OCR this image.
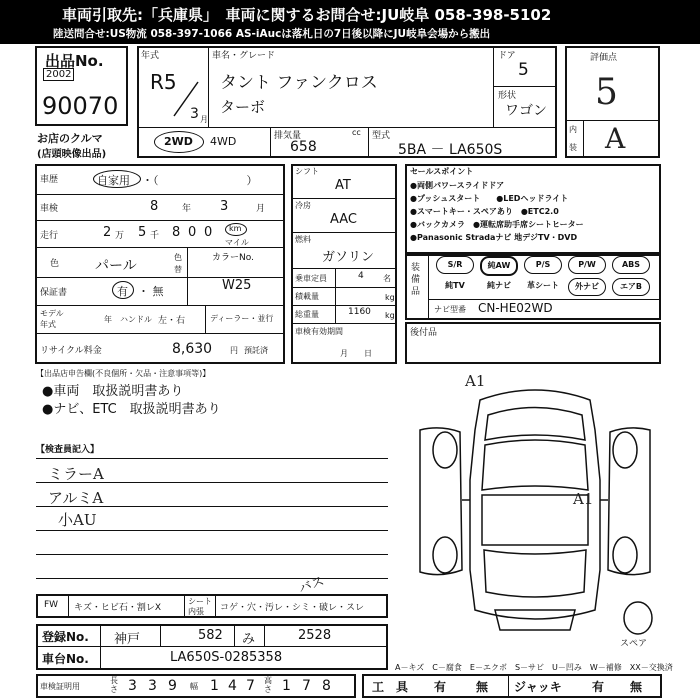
車両引取先:「兵庫県」　車両に関するお問合せ:JU岐阜 058-398-5102
陸送問合せ:US物流 058-397-1066 AS-iAucは落札日の7日後以降にJU岐阜会場から搬出
出品No.
2002
90070
お店のクルマ
(店頭映像出品)
年式
R5
3 月
車名・グレード
タント ファンクロス
ターボ
ドア
5
形状
ワゴン
2WD 4WD	排気量	cc
658
型式
5BA － LA650S
評価点
5
内
装 A
車歴	自家用 ・（　　　　　　　　）
車検	8	年 3	月
走行	2 万 5 千 8 0 0 km
マイル
色	パール
色
替
カラーNo.
W25
保証書	有 ・ 無
モデル
年式
年 ハンドル 左・右	ディーラー・並行
リサイクル料金	8,630 円 預託済
シフト
AT
冷房
AAC
燃料
ガソリン
乗車定員	4 名
積載量	kg
総重量	1160 kg
車検有効期間
月　　日
セールスポイント
●両側パワースライドドア
●プッシュスタート　　●LEDヘッドライト
●スマートキー・スペアあり　●ETC2.0
●バックカメラ　●運転席助手席シートヒーター
●Panasonic Stradaナビ 地デジTV・DVD
装備品
S/R	純AW	P/S	P/W	ABS
純TV	純ナビ	革シート	外ナビ	エアB
ナビ型番 CN-HE02WD
後付品
【出品店申告欄(不良個所・欠品・注意事項等)】
●車両　取扱説明書あり
●ナビ、ETC　取扱説明書あり
【検査員記入】
ミラーA
アルミA
小AU
A1
A1
バス
スペア
FW キズ・ヒビ石・割レX
シート
内張 コゲ・穴・汚レ・シミ・破レ・スレ
登録No. 神戸	582 み	2528
車台No.	LA650S-0285358
A－キズ　C－腐食　E－エクボ　S－サビ　U－凹み　W－補修　XX－交換済
車検証明用
長さ 3 3 9 幅 1 4 7 高さ 1 7 8	工　具 有 無 ジャッキ	有 無
